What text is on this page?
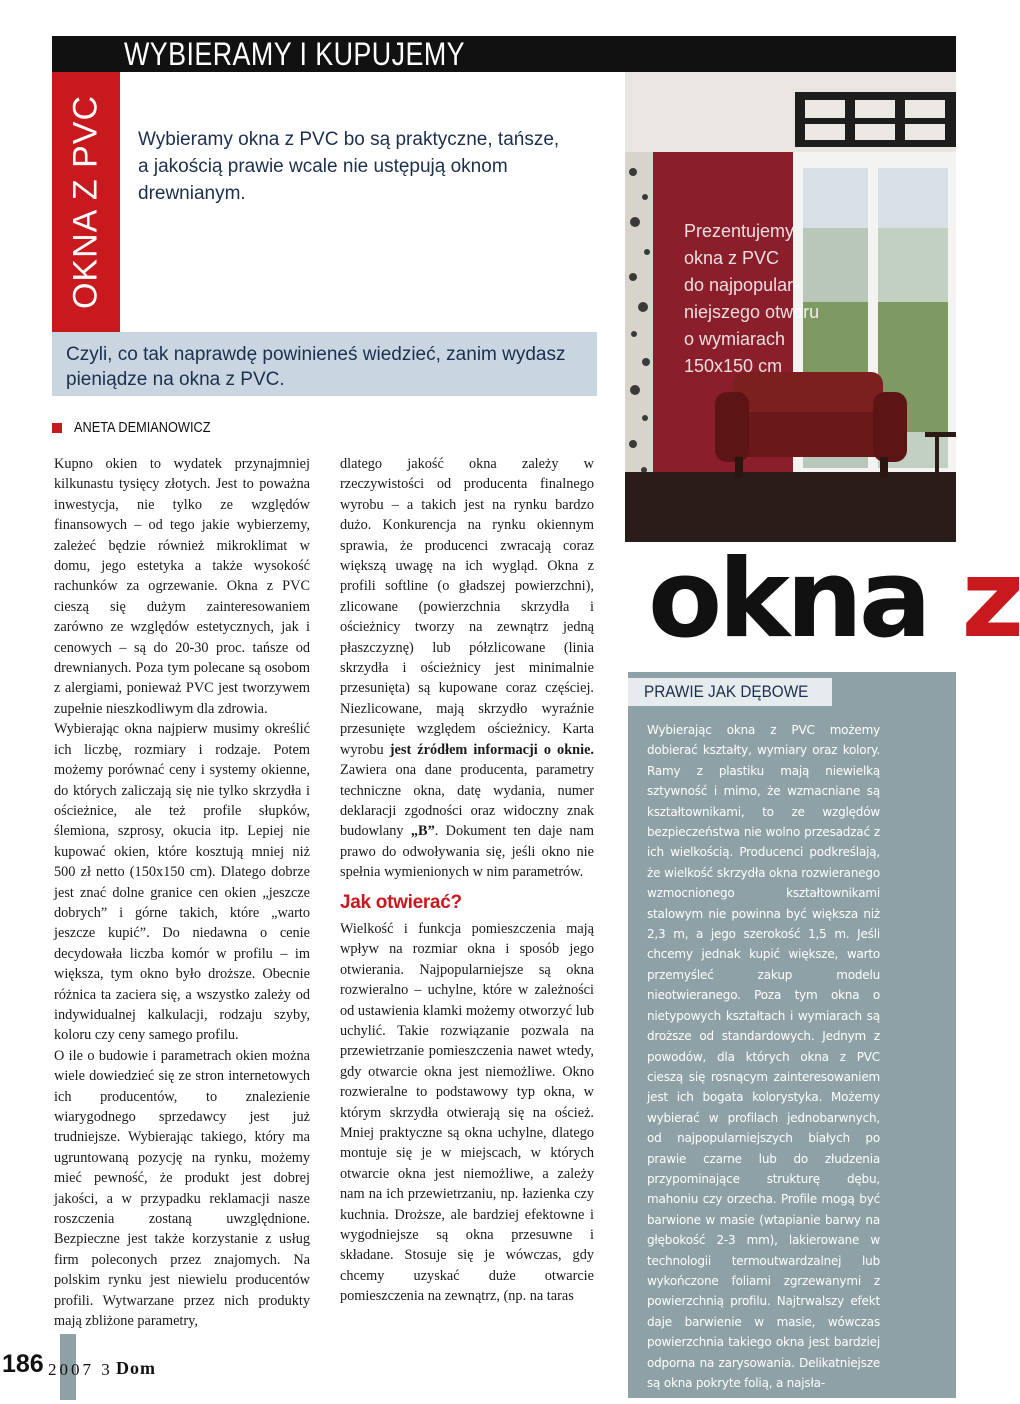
WYBIERAMY I KUPUJEMY
OKNA Z PVC Wybieramy okna z PVC bo są praktyczne, tańsze,
a jakością prawie wcale nie ustępują oknom drewnianym.
Czyli, co tak naprawdę powinieneś wiedzieć, zanim wydasz
pieniądze na okna z PVC.
Prezentujemy
okna z PVC
do najpopular-
niejszego otworu
o wymiarach
150x150 cm
ANETA DEMIANOWICZ

Kupno okien to wydatek przynajmniej kilkunastu tysięcy złotych. Jest to poważna inwestycja, nie tylko ze względów finansowych – od tego jakie wybierzemy, zależeć będzie również mikroklimat w domu, jego estetyka a także wysokość rachunków za ogrzewanie. Okna z PVC cieszą się dużym zainteresowaniem zarówno ze względów estetycznych, jak i cenowych – są do 20-30 proc. tańsze od drewnianych. Poza tym polecane są osobom z alergiami, ponieważ PVC jest tworzywem zupełnie nieszkodliwym dla zdrowia.

Wybierając okna najpierw musimy określić ich liczbę, rozmiary i rodzaje. Potem możemy porównać ceny i systemy okienne, do których zaliczają się nie tylko skrzydła i ościeżnice, ale też profile słupków, ślemiona, szprosy, okucia itp. Lepiej nie kupować okien, które kosztują mniej niż 500 zł netto (150x150 cm). Dlatego dobrze jest znać dolne granice cen okien „jeszcze dobrych” i górne takich, które „warto jeszcze kupić”. Do niedawna o cenie decydowała liczba komór w profilu – im większa, tym okno było droższe. Obecnie różnica ta zaciera się, a wszystko zależy od indywidualnej kalkulacji, rodzaju szyby, koloru czy ceny samego profilu.

O ile o budowie i parametrach okien można wiele dowiedzieć się ze stron internetowych ich producentów, to znalezienie wiarygodnego sprzedawcy jest już trudniejsze. Wybierając takiego, który ma ugruntowaną pozycję na rynku, możemy mieć pewność, że produkt jest dobrej jakości, a w przypadku reklamacji nasze roszczenia zostaną uwzględnione. Bezpieczne jest także korzystanie z usług firm poleconych przez znajomych. Na polskim rynku jest niewielu producentów profili. Wytwarzane przez nich produkty mają zbliżone parametry,

dlatego jakość okna zależy w rzeczywistości od producenta finalnego wyrobu – a takich jest na rynku bardzo dużo. Konkurencja na rynku okiennym sprawia, że producenci zwracają coraz większą uwagę na ich wygląd. Okna z profili softline (o gładszej powierzchni), zlicowane (powierzchnia skrzydła i ościeżnicy tworzy na zewnątrz jedną płaszczyznę) lub półzlicowane (linia skrzydła i ościeżnicy jest minimalnie przesunięta) są kupowane coraz częściej. Niezlicowane, mają skrzydło wyraźnie przesunięte względem ościeżnicy. Karta wyrobu jest źródłem informacji o oknie. Zawiera ona dane producenta, parametry techniczne okna, datę wydania, numer deklaracji zgodności oraz widoczny znak budowlany „B”. Dokument ten daje nam prawo do odwoływania się, jeśli okno nie spełnia wymienionych w nim parametrów.

Jak otwierać?

Wielkość i funkcja pomieszczenia mają wpływ na rozmiar okna i sposób jego otwierania. Najpopularniejsze są okna rozwieralno – uchylne, które w zależności od ustawienia klamki możemy otworzyć lub uchylić. Takie rozwiązanie pozwala na przewietrzanie pomieszczenia nawet wtedy, gdy otwarcie okna jest niemożliwe. Okno rozwieralne to podstawowy typ okna, w którym skrzydła otwierają się na oścież. Mniej praktyczne są okna uchylne, dlatego montuje się je w miejscach, w których otwarcie okna jest niemożliwe, a zależy nam na ich przewietrzaniu, np. łazienka czy kuchnia. Droższe, ale bardziej efektowne i wygodniejsze są okna przesuwne i składane. Stosuje się je wówczas, gdy chcemy uzyskać duże otwarcie pomieszczenia na zewnątrz, (np. na taras

okna z
PRAWIE JAK DĘBOWE
Wybierając okna z PVC możemy dobierać kształty, wymiary oraz kolory. Ramy z plastiku mają niewielką sztywność i mimo, że wzmacniane są kształtownikami, to ze względów bezpieczeństwa nie wolno przesadzać z ich wielkością. Producenci podkreślają, że wielkość skrzydła okna rozwieranego wzmocnionego kształtownikami stalowym nie powinna być większa niż 2,3 m, a jego szerokość 1,5 m. Jeśli chcemy jednak kupić większe, warto przemyśleć zakup modelu nieotwieranego. Poza tym okna o nietypowych kształtach i wymiarach są droższe od standardowych. Jednym z powodów, dla których okna z PVC cieszą się rosnącym zainteresowaniem jest ich bogata kolorystyka. Możemy wybierać w profilach jednobarwnych, od najpopularniejszych białych po prawie czarne lub do złudzenia przypominające strukturę dębu, mahoniu czy orzecha. Profile mogą być barwione w masie (wtapianie barwy na głębokość 2-3 mm), lakierowane w technologii termoutwardzalnej lub wykończone foliami zgrzewanymi z powierzchnią profilu. Najtrwalszy efekt daje barwienie w masie, wówczas powierzchnia takiego okna jest bardziej odporna na zarysowania. Delikatniejsze są okna pokryte folią, a najsła-
186 2007 3 Dom
